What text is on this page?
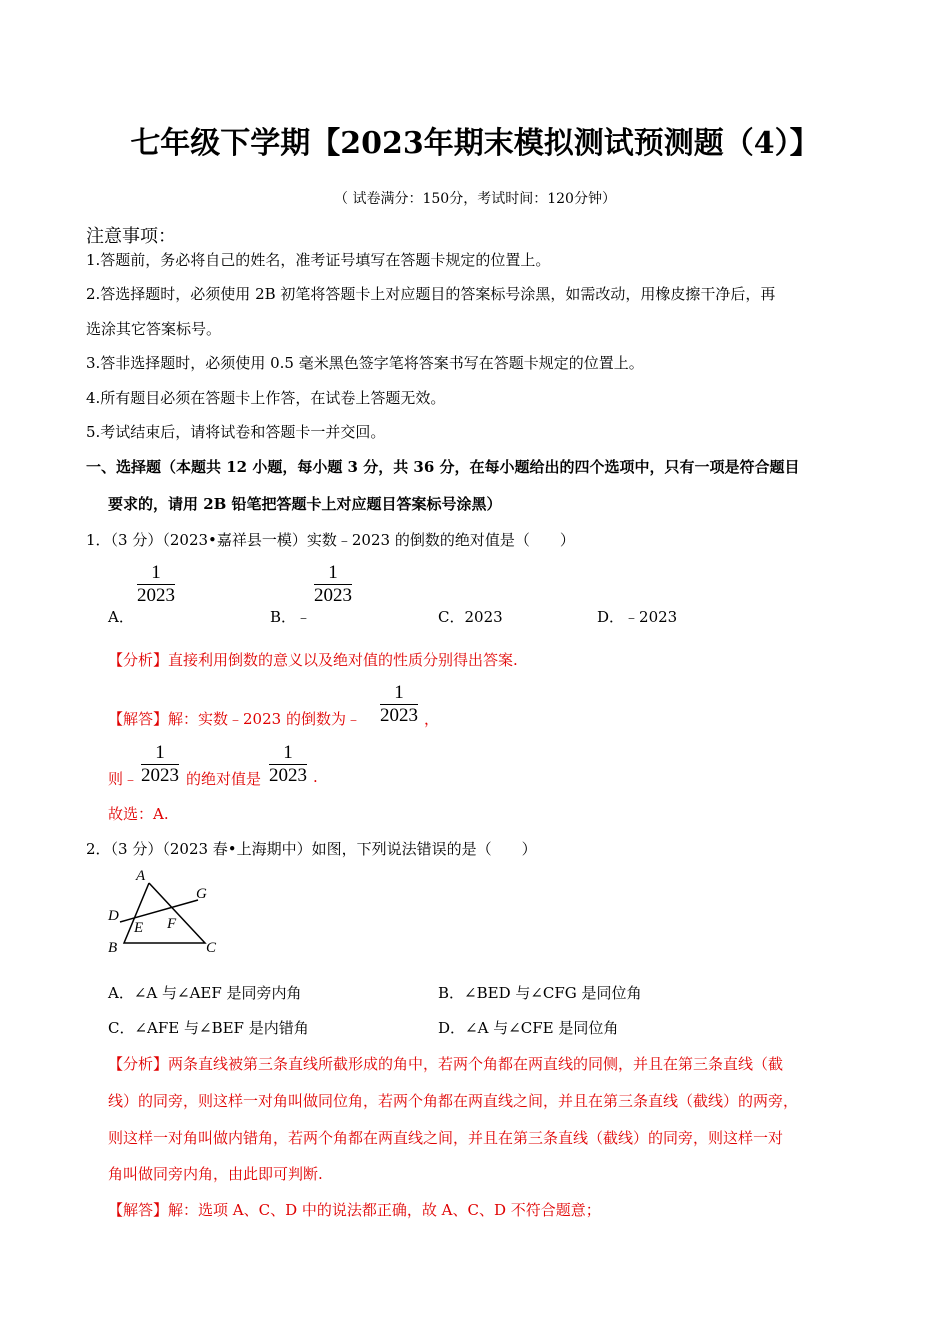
七年级下学期【2023年期末模拟测试预测题（4）】
（ 试卷满分：150分，考试时间：120分钟）
注意事项：
1.答题前，务必将自己的姓名，准考证号填写在答题卡规定的位置上。
2.答选择题时，必须使用 2B 初笔将答题卡上对应题目的答案标号涂黑，如需改动，用橡皮擦干净后，再
选涂其它答案标号。
3.答非选择题时，必须使用 0.5 毫米黑色签字笔将答案书写在答题卡规定的位置上。
4.所有题目必须在答题卡上作答，在试卷上答题无效。
5.考试结束后，请将试卷和答题卡一并交回。
一、选择题（本题共 12 小题，每小题 3 分，共 36 分，在每小题给出的四个选项中，只有一项是符合题目
要求的，请用 2B 铅笔把答题卡上对应题目答案标号涂黑）
1．（3 分）（2023•嘉祥县一模）实数﹣2023 的倒数的绝对值是（　　）
$\frac{1}{2023}$
A．	B．﹣
$\frac{1}{2023}$
C．2023	D．﹣2023
【分析】直接利用倒数的意义以及绝对值的性质分别得出答案.
【解答】解：实数﹣2023 的倒数为﹣ $\frac{1}{2023}$ ，
则﹣ $\frac{1}{2023}$ 的绝对值是 $\frac{1}{2023}$ .
故选：A.
2．（3 分）（2023 春•上海期中）如图，下列说法错误的是（　　）
A
G
D
E F
B	C
A．∠A 与∠AEF 是同旁内角	B．∠BED 与∠CFG 是同位角
C．∠AFE 与∠BEF 是内错角	D．∠A 与∠CFE 是同位角
【分析】两条直线被第三条直线所截形成的角中，若两个角都在两直线的同侧，并且在第三条直线（截
线）的同旁，则这样一对角叫做同位角，若两个角都在两直线之间，并且在第三条直线（截线）的两旁，
则这样一对角叫做内错角，若两个角都在两直线之间，并且在第三条直线（截线）的同旁，则这样一对
角叫做同旁内角，由此即可判断.
【解答】解：选项 A、C、D 中的说法都正确，故 A、C、D 不符合题意；
